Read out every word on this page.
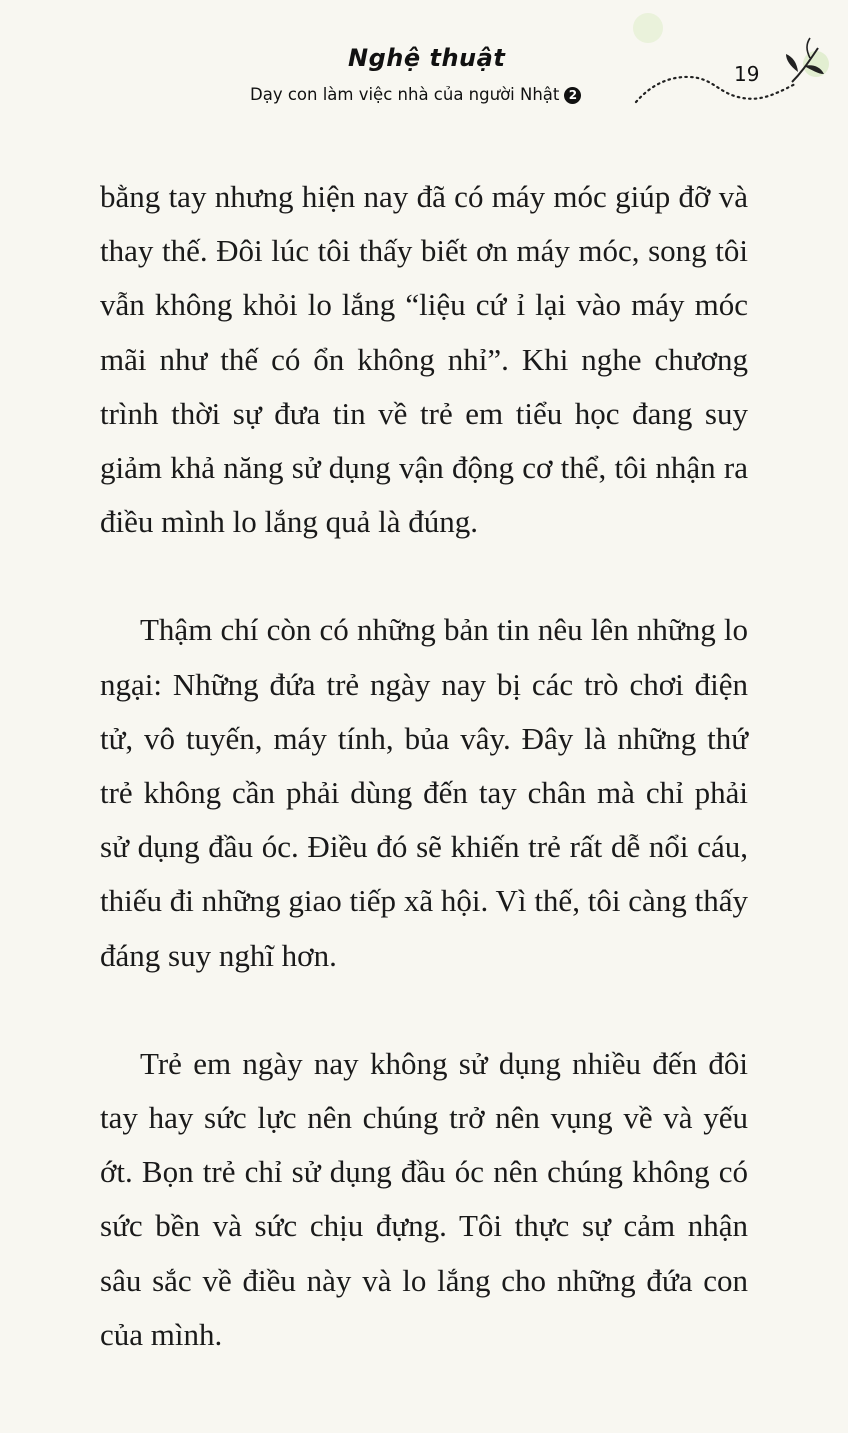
Nghệ thuật
Dạy con làm việc nhà của người Nhật 2
19

bằng tay nhưng hiện nay đã có máy móc giúp đỡ và thay thế. Đôi lúc tôi thấy biết ơn máy móc, song tôi vẫn không khỏi lo lắng “liệu cứ ỉ lại vào máy móc mãi như thế có ổn không nhỉ”. Khi nghe chương trình thời sự đưa tin về trẻ em tiểu học đang suy giảm khả năng sử dụng vận động cơ thể, tôi nhận ra điều mình lo lắng quả là đúng.

Thậm chí còn có những bản tin nêu lên những lo ngại: Những đứa trẻ ngày nay bị các trò chơi điện tử, vô tuyến, máy tính, bủa vây. Đây là những thứ trẻ không cần phải dùng đến tay chân mà chỉ phải sử dụng đầu óc. Điều đó sẽ khiến trẻ rất dễ nổi cáu, thiếu đi những giao tiếp xã hội. Vì thế, tôi càng thấy đáng suy nghĩ hơn.

Trẻ em ngày nay không sử dụng nhiều đến đôi tay hay sức lực nên chúng trở nên vụng về và yếu ớt. Bọn trẻ chỉ sử dụng đầu óc nên chúng không có sức bền và sức chịu đựng. Tôi thực sự cảm nhận sâu sắc về điều này và lo lắng cho những đứa con của mình.
